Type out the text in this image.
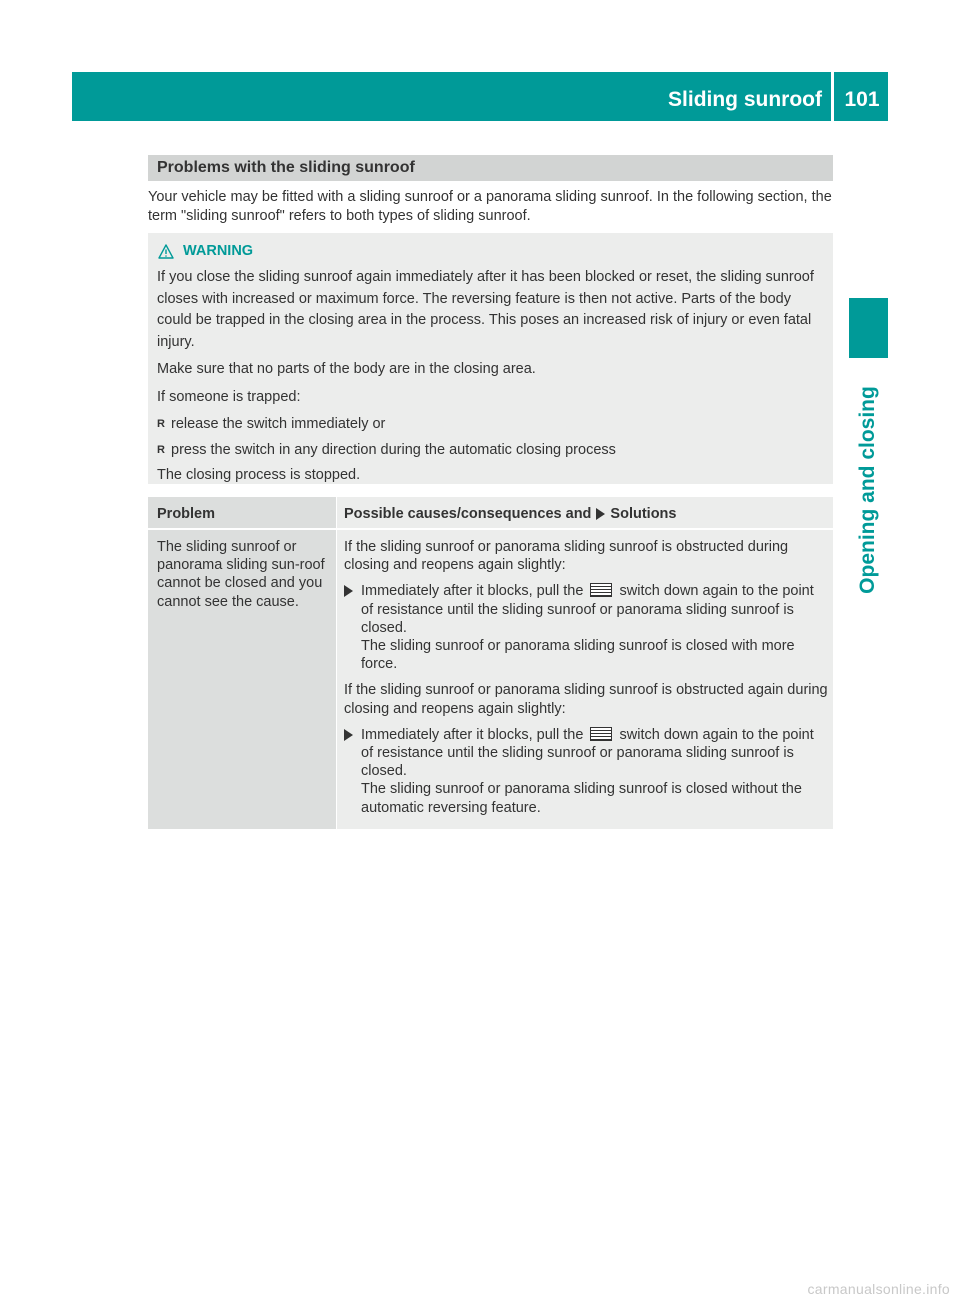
Sliding sunroof	101
Opening and closing
Problems with the sliding sunroof

Your vehicle may be fitted with a sliding sunroof or a panorama sliding sunroof. In the following section, the term "sliding sunroof" refers to both types of sliding sunroof.

WARNING

If you close the sliding sunroof again immediately after it has been blocked or reset, the sliding sunroof closes with increased or maximum force. The reversing feature is then not active. Parts of the body could be trapped in the closing area in the process. This poses an increased risk of injury or even fatal injury.

Make sure that no parts of the body are in the closing area.

If someone is trapped:

R release the switch immediately or
R press the switch in any direction during the automatic closing process

The closing process is stopped.

Problem	Possible causes/consequences and Solutions
The sliding sunroof or panorama sliding sun-roof cannot be closed and you cannot see the cause.

If the sliding sunroof or panorama sliding sunroof is obstructed during closing and reopens again slightly:

Immediately after it blocks, pull the switch down again to the point of resistance until the sliding sunroof or panorama sliding sunroof is closed.
The sliding sunroof or panorama sliding sunroof is closed with more force.

If the sliding sunroof or panorama sliding sunroof is obstructed again during closing and reopens again slightly:

Immediately after it blocks, pull the switch down again to the point of resistance until the sliding sunroof or panorama sliding sunroof is closed.
The sliding sunroof or panorama sliding sunroof is closed without the automatic reversing feature.
carmanualsonline.info
